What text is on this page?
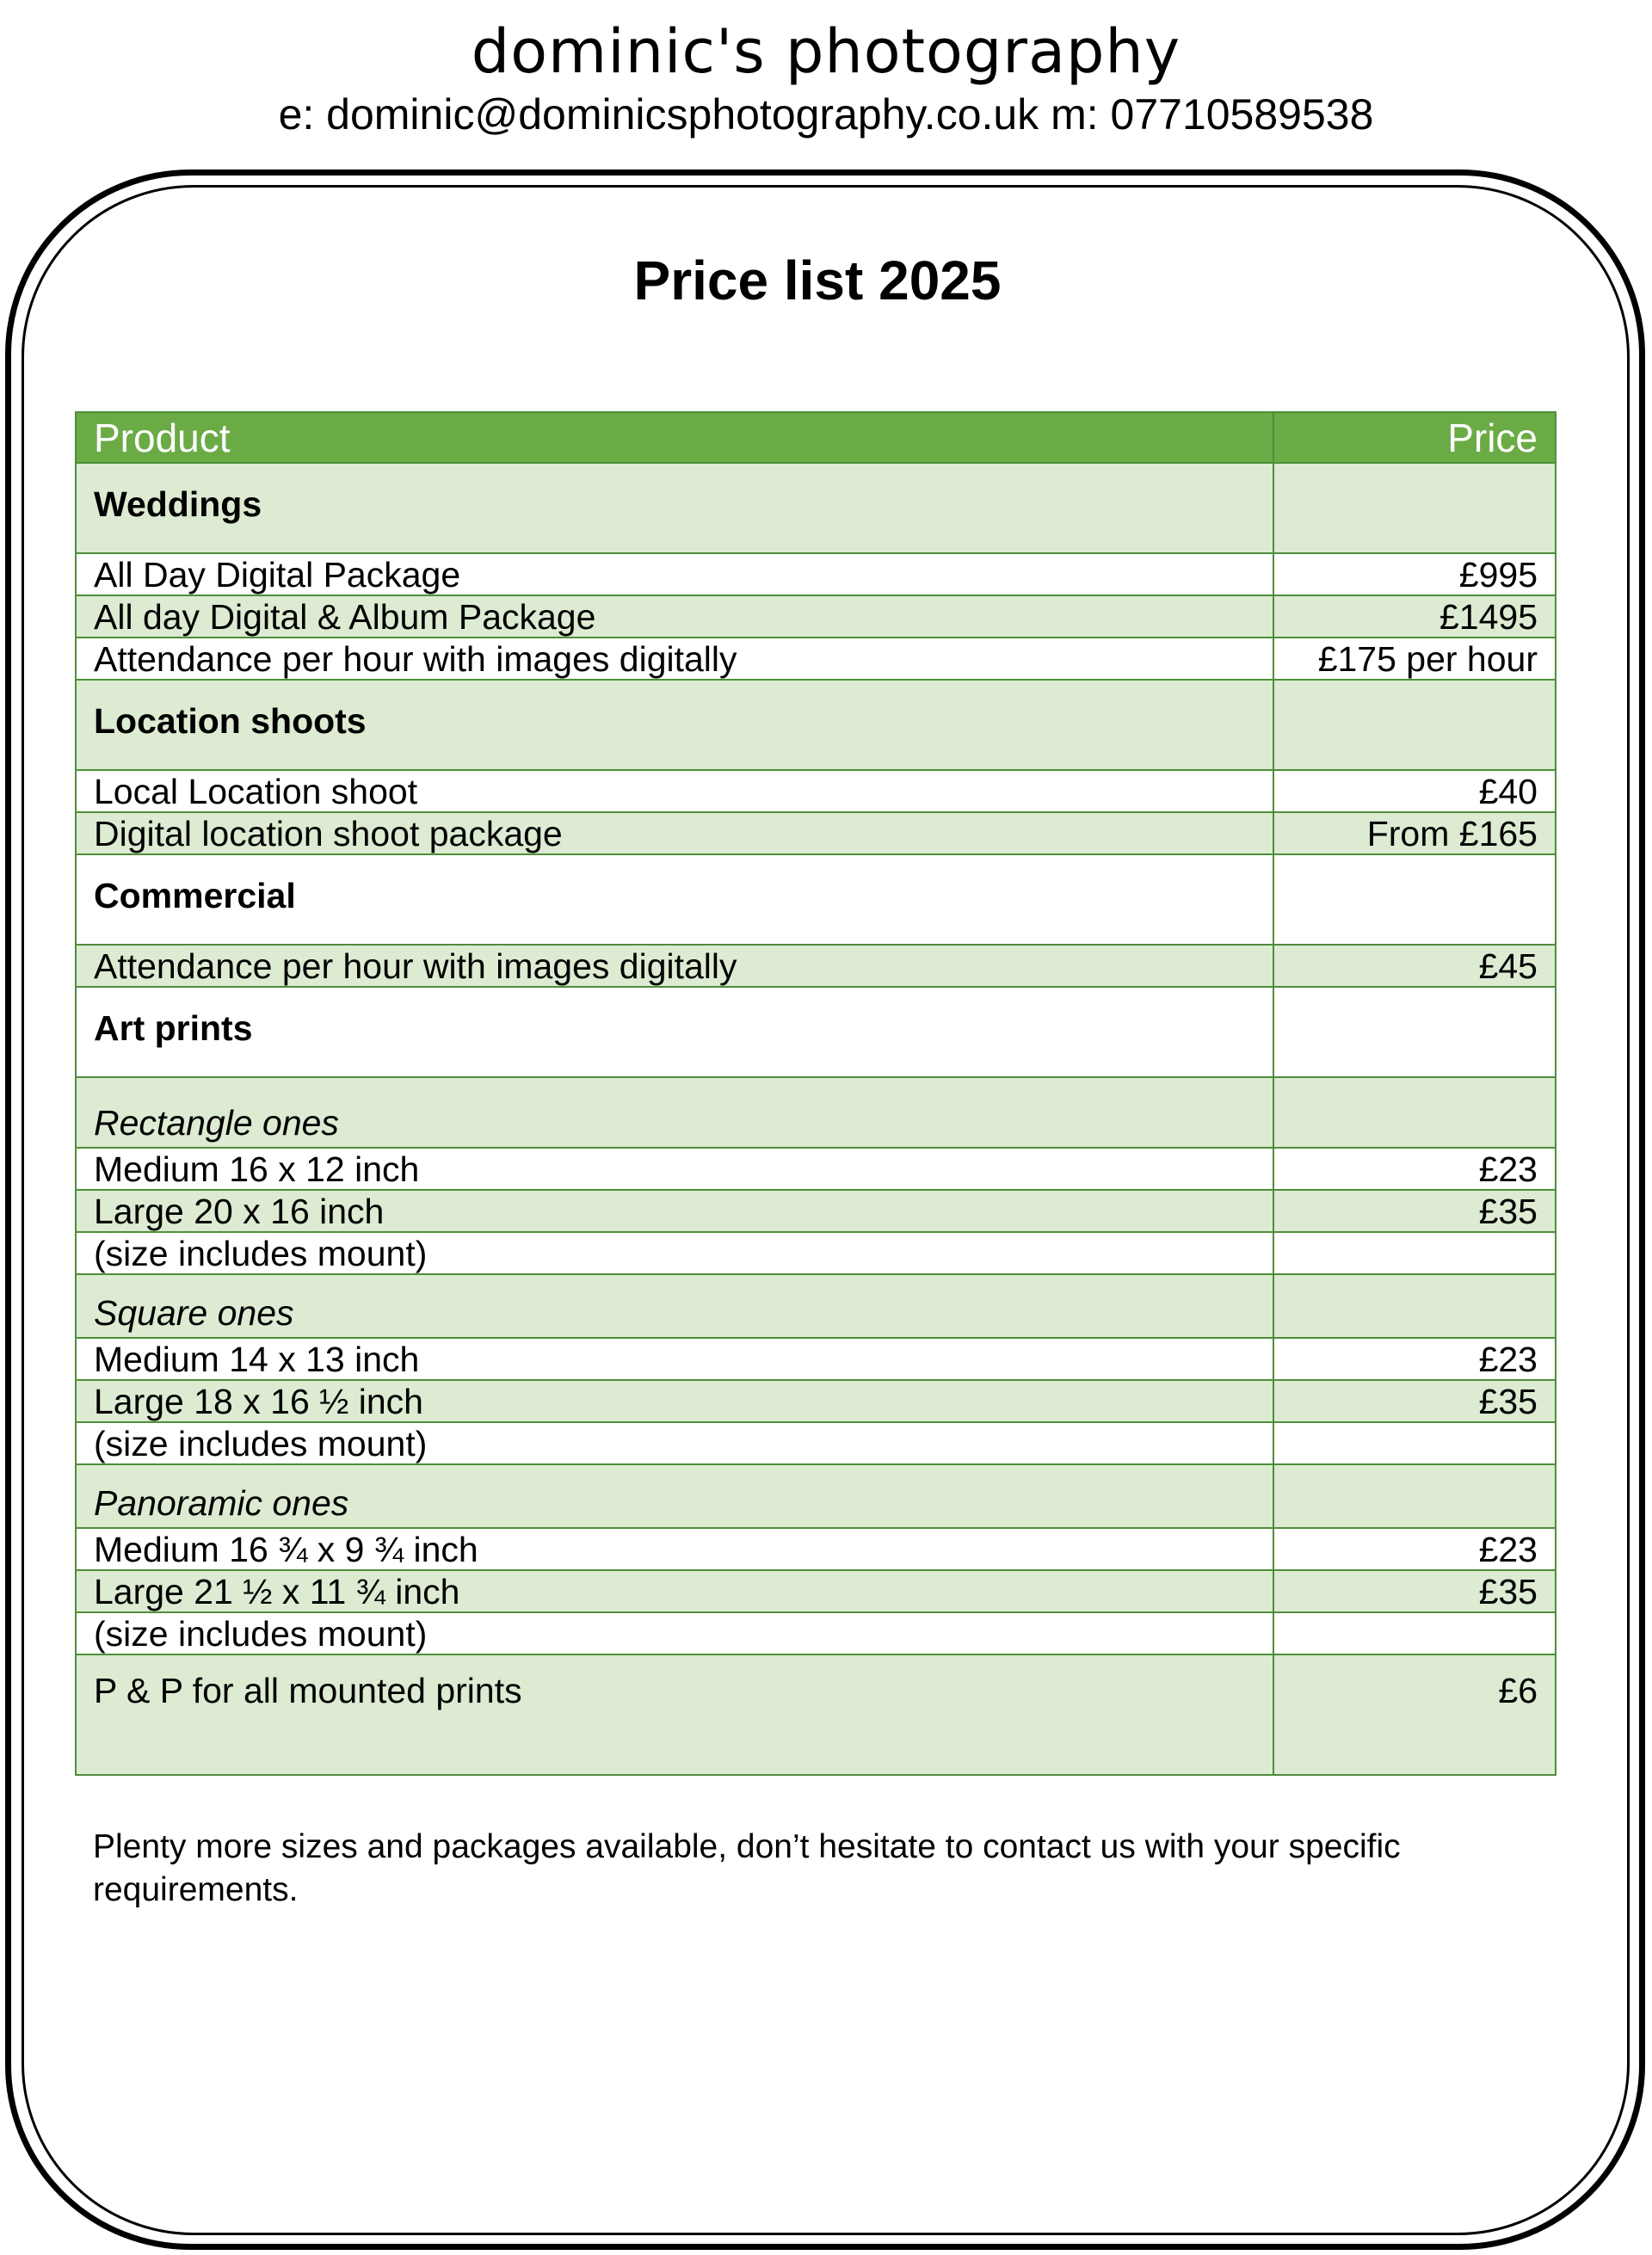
dominic's photography
e: dominic@dominicsphotography.co.uk m: 07710589538
Price list 2025
Product	Price
Weddings	
All Day Digital Package	£995
All day Digital & Album Package	£1495
Attendance per hour with images digitally	£175 per hour
Location shoots	
Local Location shoot	£40
Digital location shoot package	From £165
Commercial	
Attendance per hour with images digitally	£45
Art prints	
Rectangle ones	
Medium 16 x 12 inch	£23
Large 20 x 16 inch	£35
(size includes mount)	
Square ones	
Medium 14 x 13 inch	£23
Large 18 x 16 ½ inch	£35
(size includes mount)	
Panoramic ones	
Medium 16 ¾ x 9 ¾ inch	£23
Large 21 ½ x 11 ¾ inch	£35
(size includes mount)	
P & P for all mounted prints	£6
Plenty more sizes and packages available, don’t hesitate to contact us with your specific requirements.
